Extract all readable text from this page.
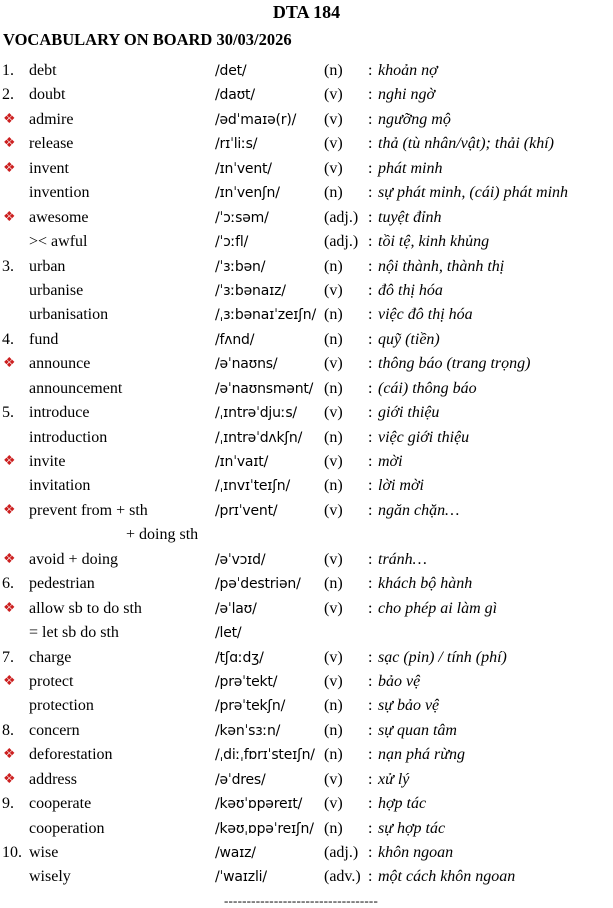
DTA 184
VOCABULARY ON BOARD 30/03/2026
1. debt	/det/	(n) : khoản nợ
2. doubt	/daʊt/	(v) : nghi ngờ
❖ admire	/ədˈmaɪə(r)/ (v) : ngưỡng mộ
❖ release	/rɪˈliːs/	(v) : thả (tù nhân/vật); thải (khí)
❖ invent	/ɪnˈvent/	(v) : phát minh
invention	/ɪnˈvenʃn/	(n) : sự phát minh, (cái) phát minh
❖ awesome	/ˈɔːsəm/	(adj.) : tuyệt đỉnh
>< awful	/ˈɔːfl/	(adj.) : tồi tệ, kinh khủng
3. urban	/ˈɜːbən/	(n) : nội thành, thành thị
urbanise	/ˈɜːbənaɪz/ (v) : đô thị hóa
urbanisation	/ˌɜːbənaɪˈzeɪʃn/ (n) : việc đô thị hóa
4. fund	/fʌnd/	(n) : quỹ (tiền)
❖ announce	/əˈnaʊns/	(v) : thông báo (trang trọng)
announcement	/əˈnaʊnsmənt/ (n) : (cái) thông báo
5. introduce	/ˌɪntrəˈdjuːs/ (v) : giới thiệu
introduction	/ˌɪntrəˈdʌkʃn/ (n) : việc giới thiệu
❖ invite	/ɪnˈvaɪt/	(v) : mời
invitation	/ˌɪnvɪˈteɪʃn/ (n) : lời mời
❖ prevent from + sth	/prɪˈvent/	(v) : ngăn chặn…
+ doing sth
❖ avoid + doing	/əˈvɔɪd/	(v) : tránh…
6. pedestrian	/pəˈdestriən/ (n) : khách bộ hành
❖ allow sb to do sth	/əˈlaʊ/	(v) : cho phép ai làm gì
= let sb do sth	/let/
7. charge	/tʃɑːdʒ/	(v) : sạc (pin) / tính (phí)
❖ protect	/prəˈtekt/	(v) : bảo vệ
protection	/prəˈtekʃn/ (n) : sự bảo vệ
8. concern	/kənˈsɜːn/	(n) : sự quan tâm
❖ deforestation	/ˌdiːˌfɒrɪˈsteɪʃn/ (n) : nạn phá rừng
❖ address	/əˈdres/	(v) : xử lý
9. cooperate	/kəʊˈɒpəreɪt/ (v) : hợp tác
cooperation	/kəʊˌɒpəˈreɪʃn/ (n) : sự hợp tác
10. wise	/waɪz/	(adj.) : khôn ngoan
wisely	/ˈwaɪzli/	(adv.) : một cách khôn ngoan
----------------------------------
